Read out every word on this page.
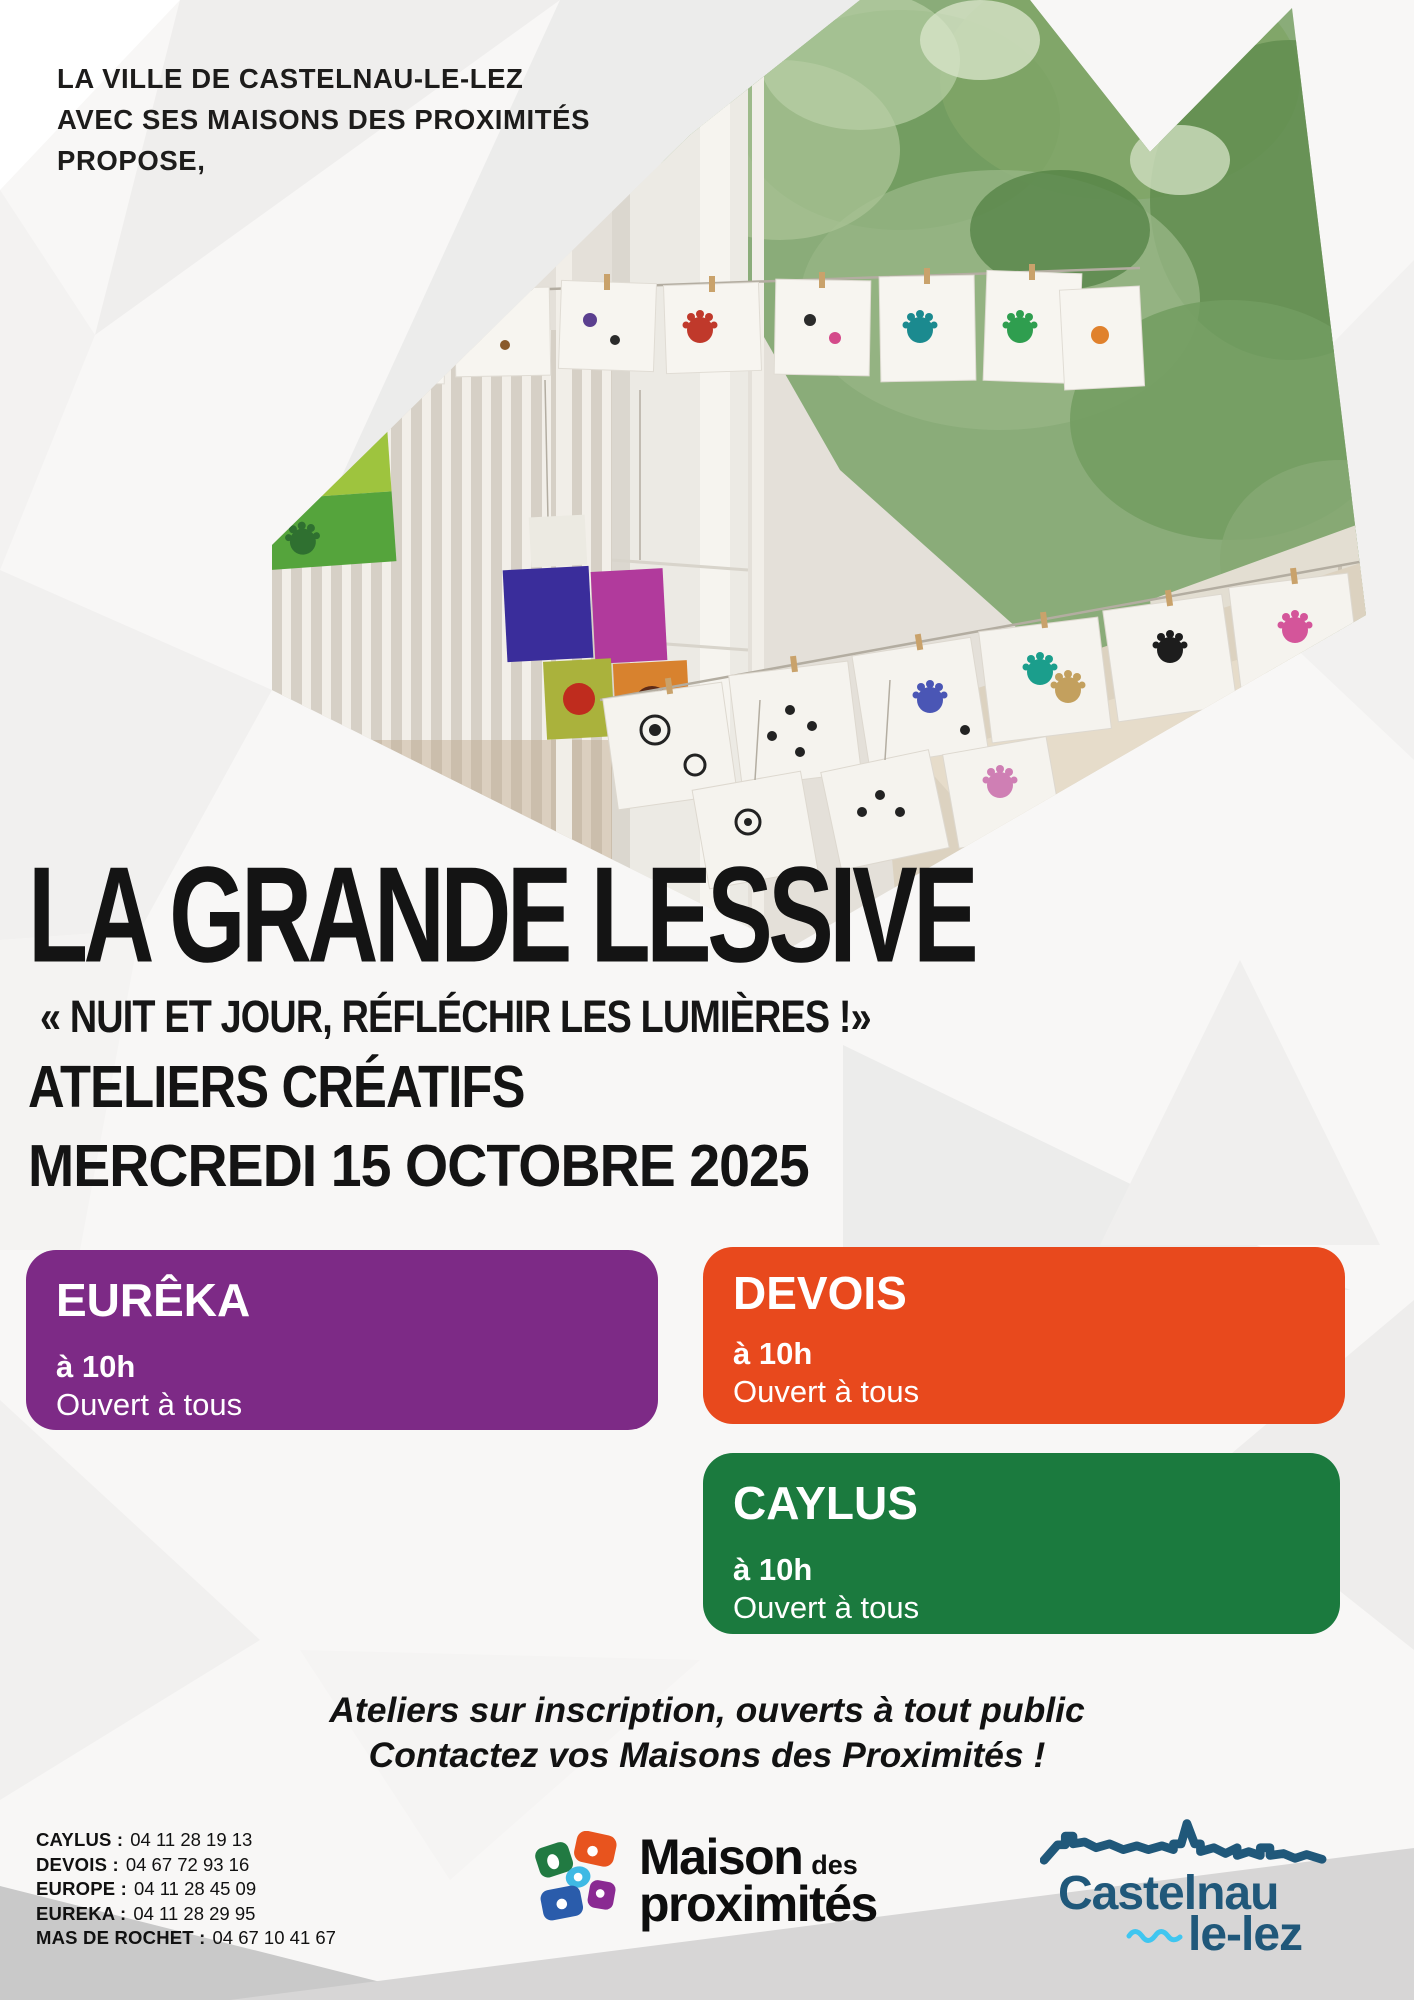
LA VILLE DE CASTELNAU-LE-LEZ
AVEC SES MAISONS DES PROXIMITÉS
PROPOSE,
LA GRANDE LESSIVE
« NUIT ET JOUR, RÉFLÉCHIR LES LUMIÈRES !»
ATELIERS CRÉATIFS
MERCREDI 15 OCTOBRE 2025
EURÊKA
à 10h
Ouvert à tous
DEVOIS
à 10h
Ouvert à tous
CAYLUS
à 10h
Ouvert à tous
Ateliers sur inscription, ouverts à tout public
Contactez vos Maisons des Proximités !
CAYLUS : 04 11 28 19 13
DEVOIS : 04 67 72 93 16
EUROPE : 04 11 28 45 09
EUREKA : 04 11 28 29 95
MAS DE ROCHET : 04 67 10 41 67
Maison des
proximités	Castelnau
le-lez
